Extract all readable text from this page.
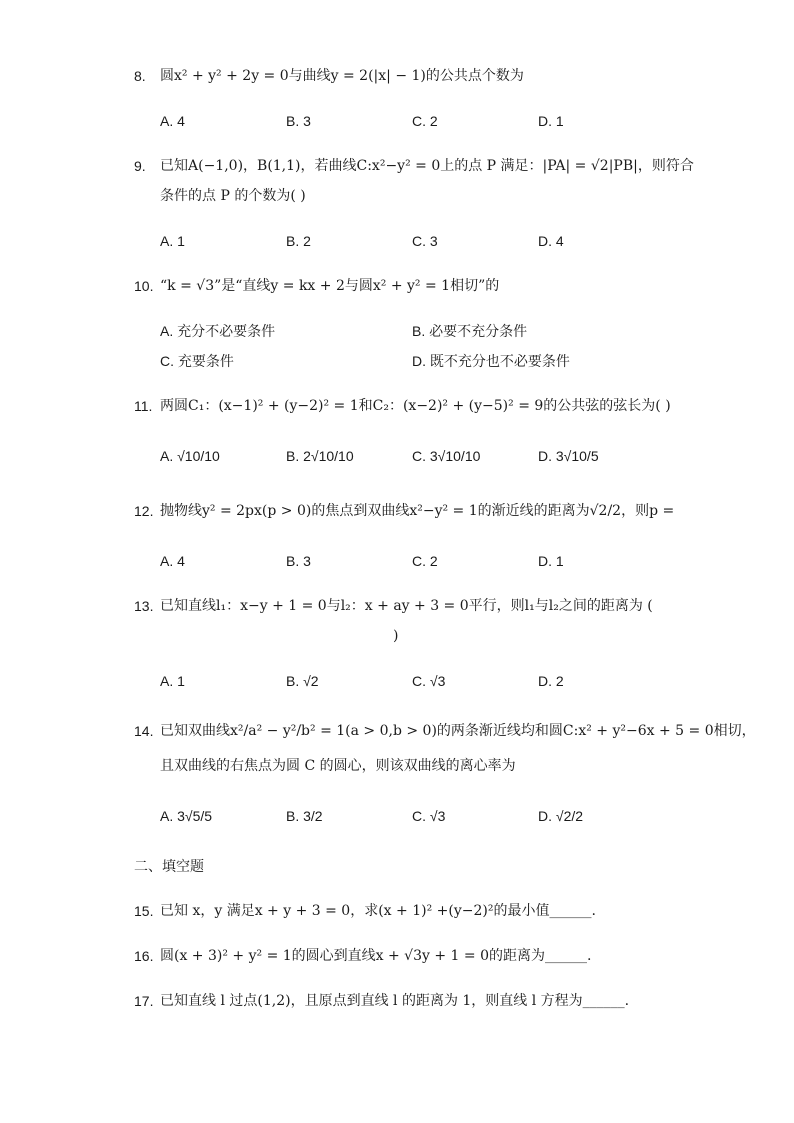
8. 圆x² + y² + 2y = 0与曲线y = 2(|x| − 1)的公共点个数为
A. 4	B. 3	C. 2	D. 1
9. 已知A(−1,0)，B(1,1)，若曲线C:x²−y² = 0上的点 P 满足：|PA| = √2|PB|，则符合
条件的点 P 的个数为( )
A. 1	B. 2	C. 3	D. 4
10. “k = √3”是“直线y = kx + 2与圆x² + y² = 1相切”的
A. 充分不必要条件	B. 必要不充分条件
C. 充要条件	D. 既不充分也不必要条件
11. 两圆C₁：(x−1)² + (y−2)² = 1和C₂：(x−2)² + (y−5)² = 9的公共弦的弦长为( )
A. √10/10	B. 2√10/10	C. 3√10/10	D. 3√10/5
12. 抛物线y² = 2px(p > 0)的焦点到双曲线x²−y² = 1的渐近线的距离为√2/2，则p =
A. 4	B. 3	C. 2	D. 1
13. 已知直线l₁：x−y + 1 = 0与l₂：x + ay + 3 = 0平行，则l₁与l₂之间的距离为 (
)
A. 1	B. √2	C. √3	D. 2
14. 已知双曲线x²/a² − y²/b² = 1(a > 0,b > 0)的两条渐近线均和圆C:x² + y²−6x + 5 = 0相切，
且双曲线的右焦点为圆 C 的圆心，则该双曲线的离心率为
A. 3√5/5	B. 3/2	C. √3	D. √2/2
二、填空题
15. 已知 x，y 满足x + y + 3 = 0，求(x + 1)² +(y−2)²的最小值______.
16. 圆(x + 3)² + y² = 1的圆心到直线x + √3y + 1 = 0的距离为______.
17. 已知直线 l 过点(1,2)，且原点到直线 l 的距离为 1，则直线 l 方程为______.
